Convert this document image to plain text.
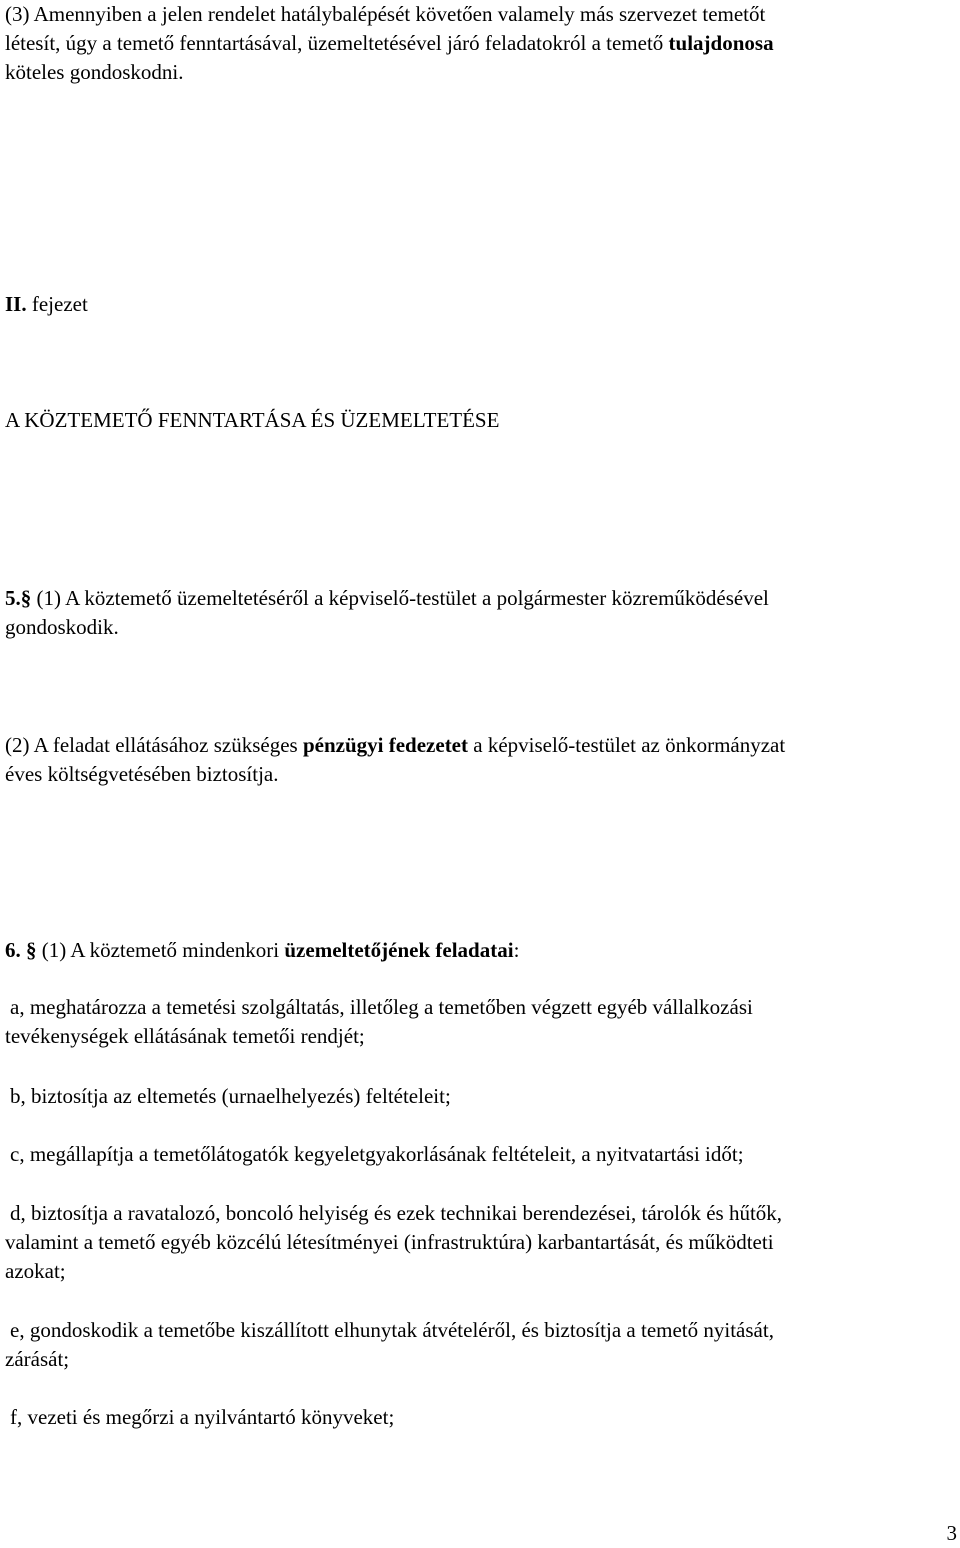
(3) Amennyiben a jelen rendelet hatálybalépését követően valamely más szervezet temetőt
létesít, úgy a temető fenntartásával, üzemeltetésével járó feladatokról a temető tulajdonosa
köteles gondoskodni.
II. fejezet
A KÖZTEMETŐ FENNTARTÁSA ÉS ÜZEMELTETÉSE
5.§ (1) A köztemető üzemeltetéséről a képviselő-testület a polgármester közreműködésével
gondoskodik.
(2) A feladat ellátásához szükséges pénzügyi fedezetet a képviselő-testület az önkormányzat
éves költségvetésében biztosítja.
6. § (1) A köztemető mindenkori üzemeltetőjének feladatai:
a, meghatározza a temetési szolgáltatás, illetőleg a temetőben végzett egyéb vállalkozási
tevékenységek ellátásának temetői rendjét;
b, biztosítja az eltemetés (urnaelhelyezés) feltételeit;
c, megállapítja a temetőlátogatók kegyeletgyakorlásának feltételeit, a nyitvatartási időt;
d, biztosítja a ravatalozó, boncoló helyiség és ezek technikai berendezései, tárolók és hűtők,
valamint a temető egyéb közcélú létesítményei (infrastruktúra) karbantartását, és működteti
azokat;
e, gondoskodik a temetőbe kiszállított elhunytak átvételéről, és biztosítja a temető nyitását,
zárását;
f, vezeti és megőrzi a nyilvántartó könyveket;
3
